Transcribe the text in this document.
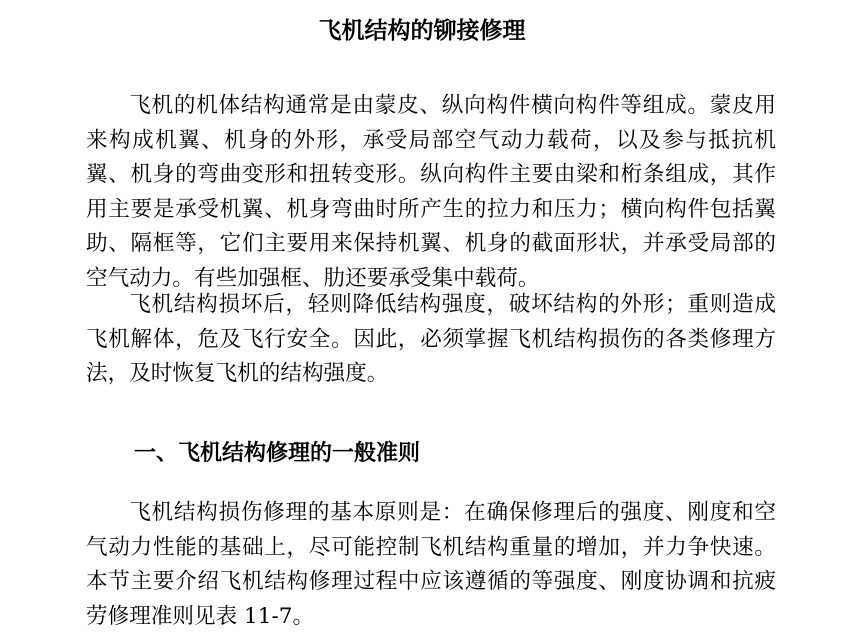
飞机结构的铆接修理

飞机的机体结构通常是由蒙皮、纵向构件横向构件等组成。蒙皮用来构成机翼、机身的外形，承受局部空气动力载荷，以及参与抵抗机翼、机身的弯曲变形和扭转变形。纵向构件主要由梁和桁条组成，其作用主要是承受机翼、机身弯曲时所产生的拉力和压力；横向构件包括翼助、隔框等，它们主要用来保持机翼、机身的截面形状，并承受局部的空气动力。有些加强框、肋还要承受集中载荷。

飞机结构损坏后，轻则降低结构强度，破坏结构的外形；重则造成飞机解体，危及飞行安全。因此，必须掌握飞机结构损伤的各类修理方法，及时恢复飞机的结构强度。

一、飞机结构修理的一般准则

飞机结构损伤修理的基本原则是：在确保修理后的强度、刚度和空气动力性能的基础上，尽可能控制飞机结构重量的增加，并力争快速。本节主要介绍飞机结构修理过程中应该遵循的等强度、刚度协调和抗疲劳修理准则见表 11-7。
